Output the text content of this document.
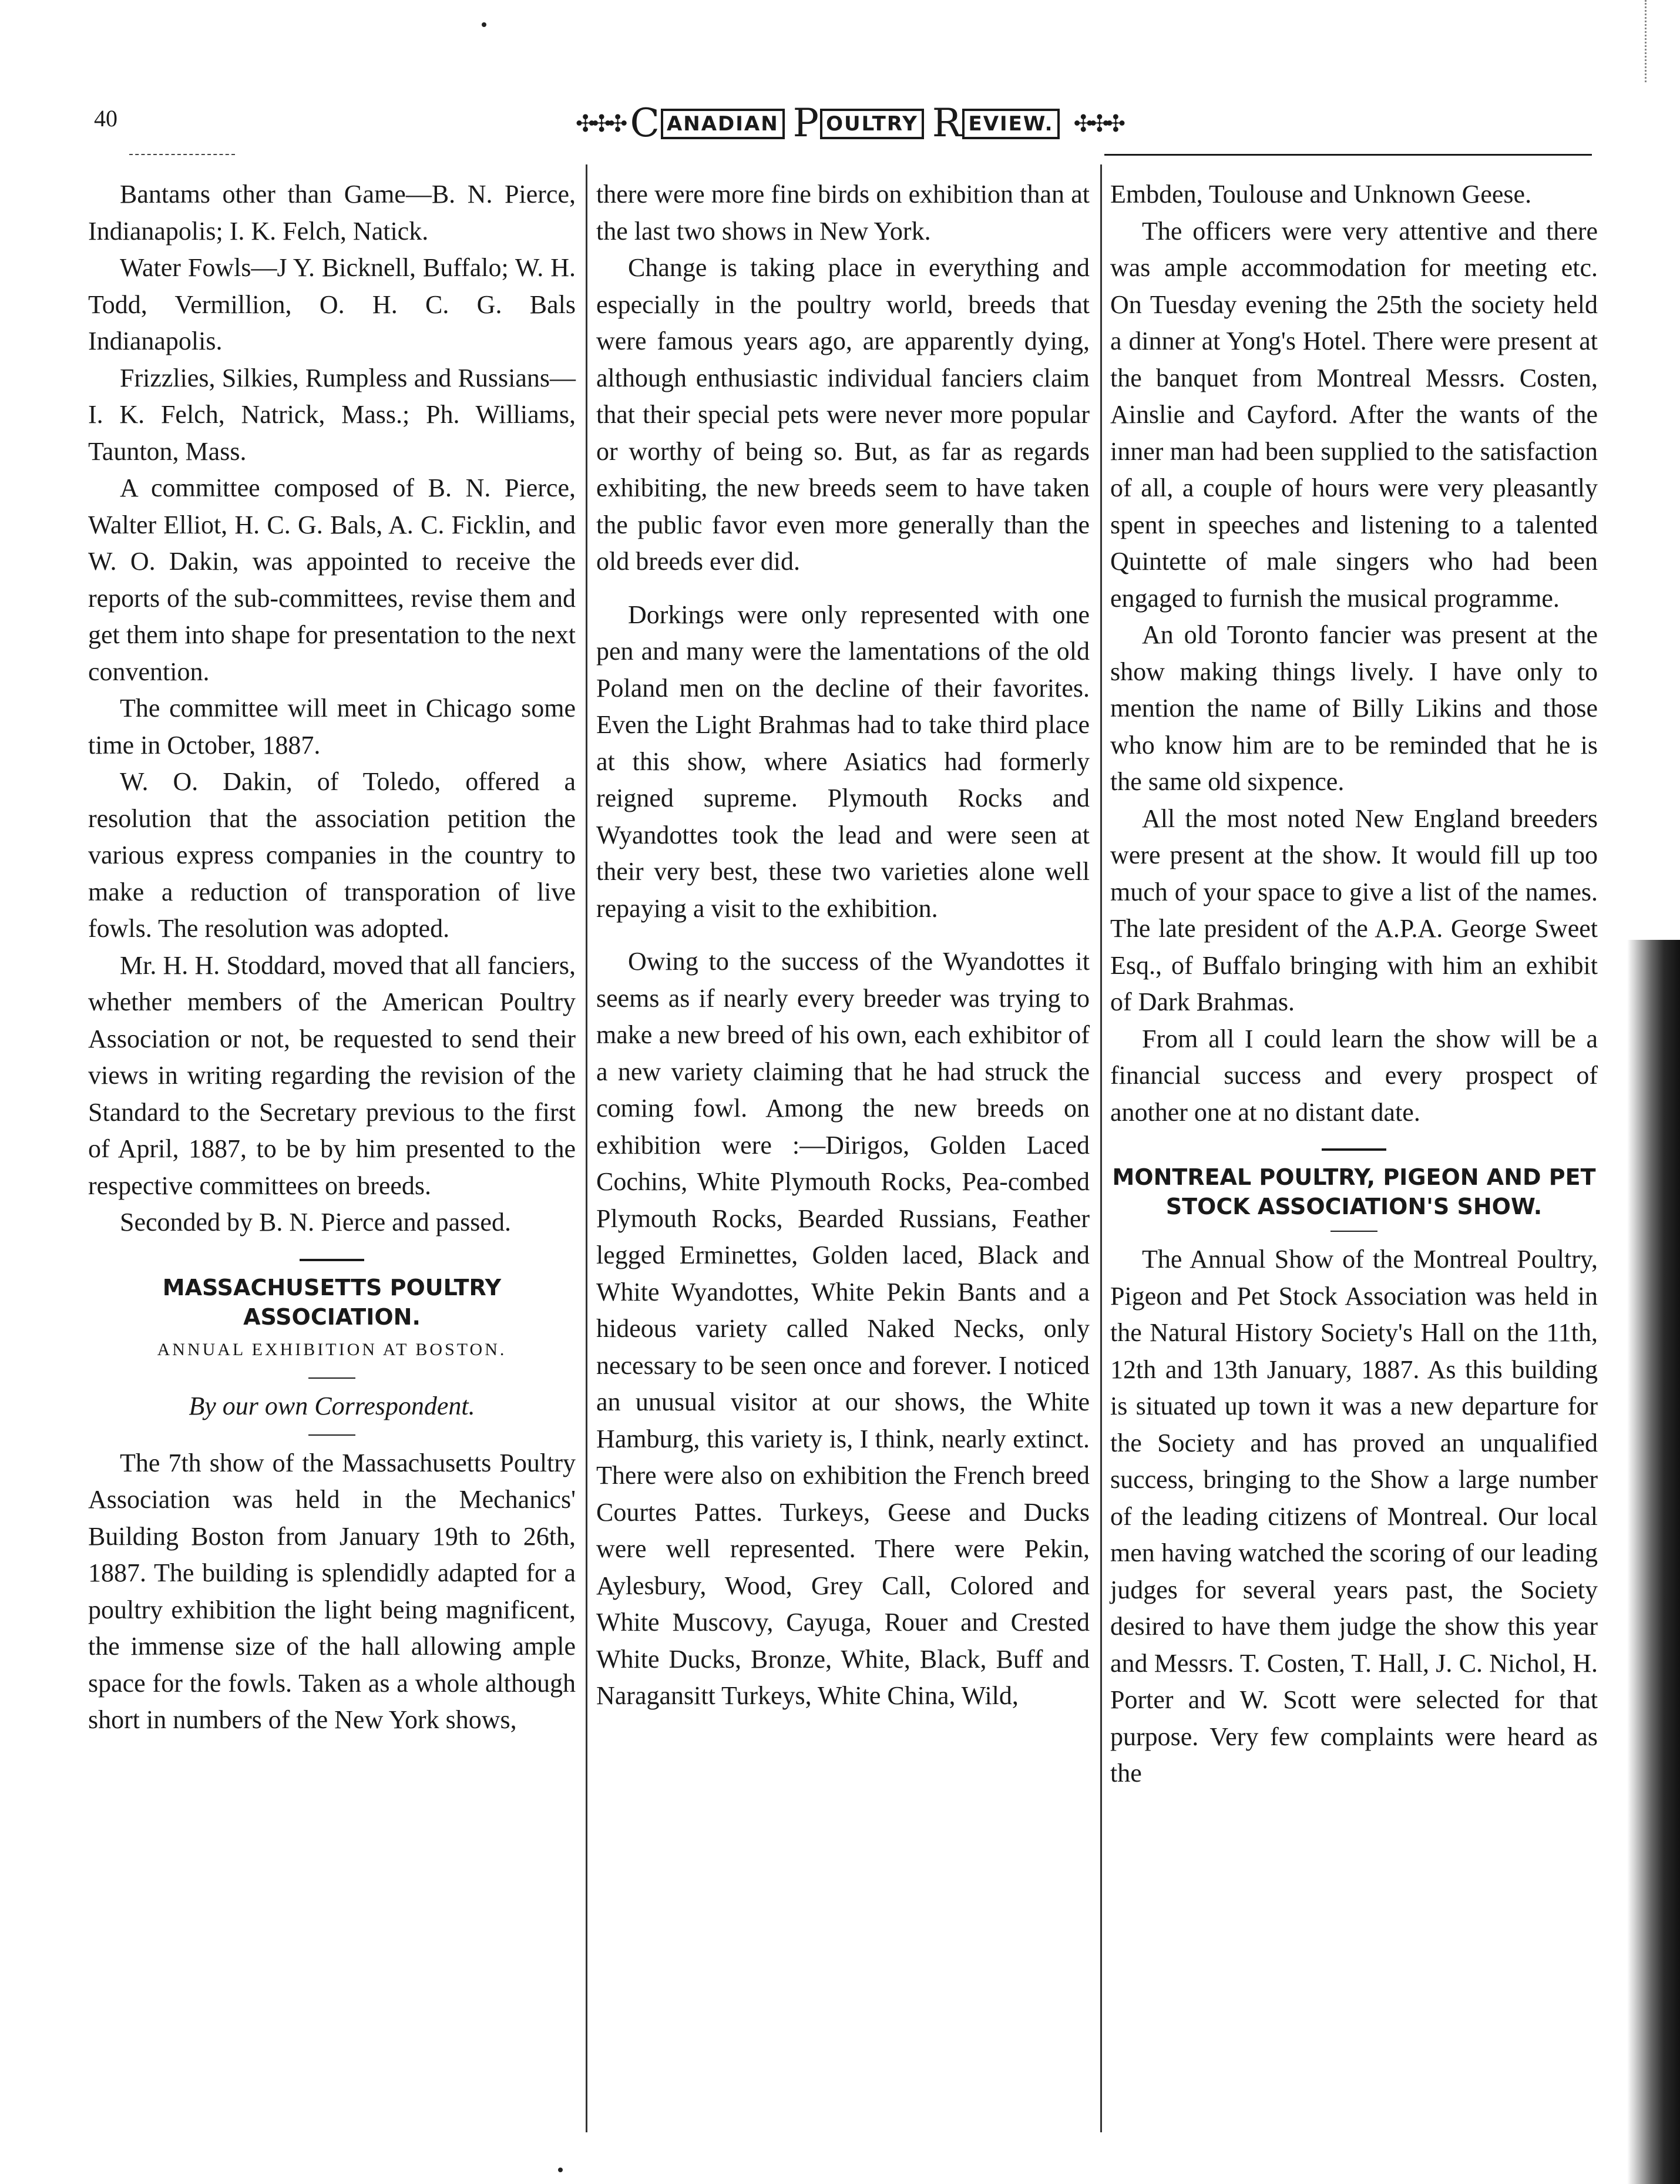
40	✣✣✣ CANADIAN P OULTRY R EVIEW. ✣✣✣

Bantams other than Game—B. N. Pierce, Indianapolis; I. K. Felch, Natick.

Water Fowls—J Y. Bicknell, Buffalo; W. H. Todd, Vermillion, O. H. C. G. Bals Indianapolis.

Frizzlies, Silkies, Rumpless and Russians—I. K. Felch, Natrick, Mass.; Ph. Williams, Taunton, Mass.

A committee composed of B. N. Pierce, Walter Elliot, H. C. G. Bals, A. C. Ficklin, and W. O. Dakin, was appointed to receive the reports of the sub-committees, revise them and get them into shape for presentation to the next convention.

The committee will meet in Chicago some time in October, 1887.

W. O. Dakin, of Toledo, offered a resolution that the association petition the various express companies in the country to make a reduction of transporation of live fowls. The resolution was adopted.

Mr. H. H. Stoddard, moved that all fanciers, whether members of the American Poultry Association or not, be requested to send their views in writing regarding the revision of the Standard to the Secretary previous to the first of April, 1887, to be by him presented to the respective committees on breeds.

Seconded by B. N. Pierce and passed.

MASSACHUSETTS POULTRY ASSOCIATION.

ANNUAL EXHIBITION AT BOSTON.

By our own Correspondent.

The 7th show of the Massachusetts Poultry Association was held in the Mechanics' Building Boston from January 19th to 26th, 1887. The building is splendidly adapted for a poultry exhibition the light being magnificent, the immense size of the hall allowing ample space for the fowls. Taken as a whole although short in numbers of the New York shows,

there were more fine birds on exhibition than at the last two shows in New York.

Change is taking place in everything and especially in the poultry world, breeds that were famous years ago, are apparently dying, although enthusiastic individual fanciers claim that their special pets were never more popular or worthy of being so. But, as far as regards exhibiting, the new breeds seem to have taken the public favor even more generally than the old breeds ever did.

Dorkings were only represented with one pen and many were the lamentations of the old Poland men on the decline of their favorites. Even the Light Brahmas had to take third place at this show, where Asiatics had formerly reigned supreme. Plymouth Rocks and Wyandottes took the lead and were seen at their very best, these two varieties alone well repaying a visit to the exhibition.

Owing to the success of the Wyandottes it seems as if nearly every breeder was trying to make a new breed of his own, each exhibitor of a new variety claiming that he had struck the coming fowl. Among the new breeds on exhibition were :—Dirigos, Golden Laced Cochins, White Plymouth Rocks, Pea-combed Plymouth Rocks, Bearded Russians, Feather legged Erminettes, Golden laced, Black and White Wyandottes, White Pekin Bants and a hideous variety called Naked Necks, only necessary to be seen once and forever. I noticed an unusual visitor at our shows, the White Hamburg, this variety is, I think, nearly extinct. There were also on exhibition the French breed Courtes Pattes. Turkeys, Geese and Ducks were well represented. There were Pekin, Aylesbury, Wood, Grey Call, Colored and White Muscovy, Cayuga, Rouer and Crested White Ducks, Bronze, White, Black, Buff and Naragansitt Turkeys, White China, Wild,

Embden, Toulouse and Unknown Geese.

The officers were very attentive and there was ample accommodation for meeting etc. On Tuesday evening the 25th the society held a dinner at Yong's Hotel. There were present at the banquet from Montreal Messrs. Costen, Ainslie and Cayford. After the wants of the inner man had been supplied to the satisfaction of all, a couple of hours were very pleasantly spent in speeches and listening to a talented Quintette of male singers who had been engaged to furnish the musical programme.

An old Toronto fancier was present at the show making things lively. I have only to mention the name of Billy Likins and those who know him are to be reminded that he is the same old sixpence.

All the most noted New England breeders were present at the show. It would fill up too much of your space to give a list of the names. The late president of the A.P.A. George Sweet Esq., of Buffalo bringing with him an exhibit of Dark Brahmas.

From all I could learn the show will be a financial success and every prospect of another one at no distant date.

MONTREAL POULTRY, PIGEON AND PET STOCK ASSOCIATION'S SHOW.

The Annual Show of the Montreal Poultry, Pigeon and Pet Stock Association was held in the Natural History Society's Hall on the 11th, 12th and 13th January, 1887. As this building is situated up town it was a new departure for the Society and has proved an unqualified success, bringing to the Show a large number of the leading citizens of Montreal. Our local men having watched the scoring of our leading judges for several years past, the Society desired to have them judge the show this year and Messrs. T. Costen, T. Hall, J. C. Nichol, H. Porter and W. Scott were selected for that purpose. Very few complaints were heard as the
